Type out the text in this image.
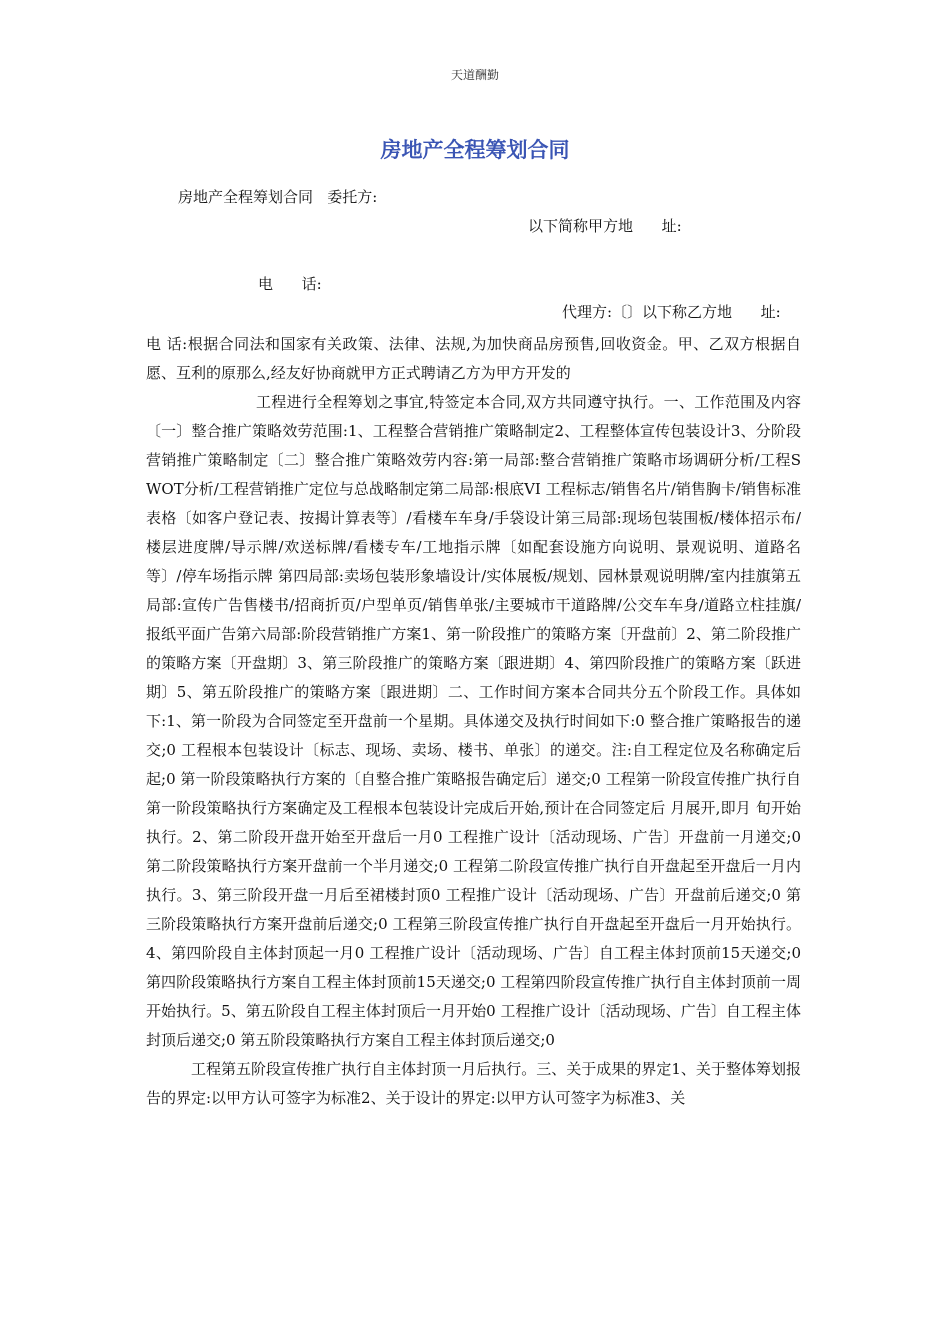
天道酬勤
房地产全程筹划合同
房地产全程筹划合同   委托方:
以下简称甲方地      址:
电      话:
代理方:〔〕以下称乙方地      址:

电 话:根据合同法和国家有关政策、法律、法规,为加快商品房预售,回收资金。甲、乙双方根据自愿、互利的原那么,经友好协商就甲方正式聘请乙方为甲方开发的

工程进行全程筹划之事宜,特签定本合同,双方共同遵守执行。一、工作范围及内容〔一〕整合推广策略效劳范围:1、工程整合营销推广策略制定2、工程整体宣传包装设计3、分阶段营销推广策略制定〔二〕整合推广策略效劳内容:第一局部:整合营销推广策略市场调研分析/工程SWOT分析/工程营销推广定位与总战略制定第二局部:根底VI 工程标志/销售名片/销售胸卡/销售标准表格〔如客户登记表、按揭计算表等〕/看楼车车身/手袋设计第三局部:现场包装围板/楼体招示布/楼层进度牌/导示牌/欢送标牌/看楼专车/工地指示牌〔如配套设施方向说明、景观说明、道路名等〕/停车场指示牌 第四局部:卖场包装形象墙设计/实体展板/规划、园林景观说明牌/室内挂旗第五局部:宣传广告售楼书/招商折页/户型单页/销售单张/主要城市干道路牌/公交车车身/道路立柱挂旗/报纸平面广告第六局部:阶段营销推广方案1、第一阶段推广的策略方案〔开盘前〕2、第二阶段推广的策略方案〔开盘期〕3、第三阶段推广的策略方案〔跟进期〕4、第四阶段推广的策略方案〔跃进期〕5、第五阶段推广的策略方案〔跟进期〕二、工作时间方案本合同共分五个阶段工作。具体如下:1、第一阶段为合同签定至开盘前一个星期。具体递交及执行时间如下:0 整合推广策略报告的递交;0 工程根本包装设计〔标志、现场、卖场、楼书、单张〕的递交。注:自工程定位及名称确定后起;0 第一阶段策略执行方案的〔自整合推广策略报告确定后〕递交;0 工程第一阶段宣传推广执行自第一阶段策略执行方案确定及工程根本包装设计完成后开始,预计在合同签定后 月展开,即月 旬开始执行。2、第二阶段开盘开始至开盘后一月0 工程推广设计〔活动现场、广告〕开盘前一月递交;0 第二阶段策略执行方案开盘前一个半月递交;0 工程第二阶段宣传推广执行自开盘起至开盘后一月内执行。3、第三阶段开盘一月后至裙楼封顶0 工程推广设计〔活动现场、广告〕开盘前后递交;0 第三阶段策略执行方案开盘前后递交;0 工程第三阶段宣传推广执行自开盘起至开盘后一月开始执行。4、第四阶段自主体封顶起一月0 工程推广设计〔活动现场、广告〕自工程主体封顶前15天递交;0 第四阶段策略执行方案自工程主体封顶前15天递交;0 工程第四阶段宣传推广执行自主体封顶前一周开始执行。5、第五阶段自工程主体封顶后一月开始0 工程推广设计〔活动现场、广告〕自工程主体封顶后递交;0 第五阶段策略执行方案自工程主体封顶后递交;0

工程第五阶段宣传推广执行自主体封顶一月后执行。三、关于成果的界定1、关于整体筹划报告的界定:以甲方认可签字为标准2、关于设计的界定:以甲方认可签字为标准3、关
